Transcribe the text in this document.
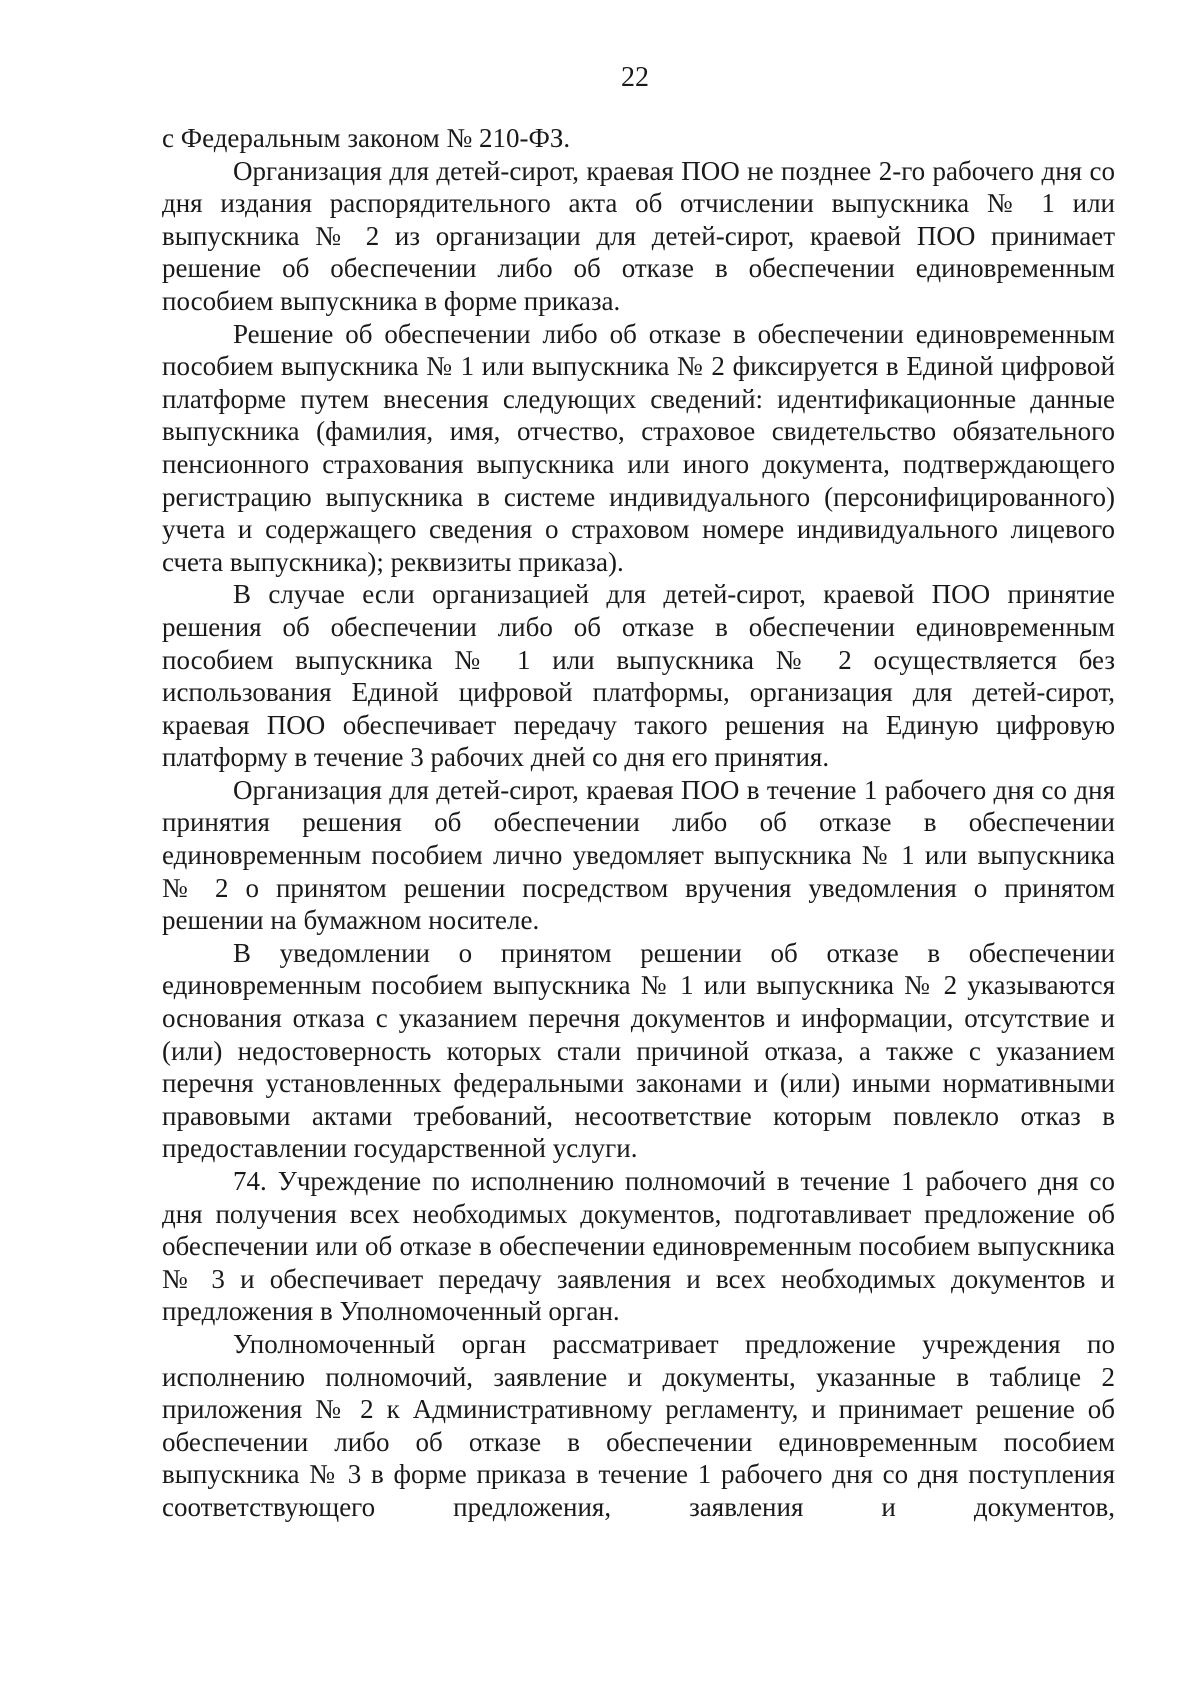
22

с Федеральным законом № 210-ФЗ.

Организация для детей-сирот, краевая ПОО не позднее 2-го рабочего дня со дня издания распорядительного акта об отчислении выпускника № 1 или выпускника № 2 из организации для детей-сирот, краевой ПОО принимает решение об обеспечении либо об отказе в обеспечении единовременным пособием выпускника в форме приказа.

Решение об обеспечении либо об отказе в обеспечении единовременным пособием выпускника № 1 или выпускника № 2 фиксируется в Единой цифровой платформе путем внесения следующих сведений: идентификационные данные выпускника (фамилия, имя, отчество, страховое свидетельство обязательного пенсионного страхования выпускника или иного документа, подтверждающего регистрацию выпускника в системе индивидуального (персонифицированного) учета и содержащего сведения о страховом номере индивидуального лицевого счета выпускника); реквизиты приказа).

В случае если организацией для детей-сирот, краевой ПОО принятие решения об обеспечении либо об отказе в обеспечении единовременным пособием выпускника № 1 или выпускника № 2 осуществляется без использования Единой цифровой платформы, организация для детей-сирот, краевая ПОО обеспечивает передачу такого решения на Единую цифровую платформу в течение 3 рабочих дней со дня его принятия.

Организация для детей-сирот, краевая ПОО в течение 1 рабочего дня со дня принятия решения об обеспечении либо об отказе в обеспечении единовременным пособием лично уведомляет выпускника № 1 или выпускника № 2 о принятом решении посредством вручения уведомления о принятом решении на бумажном носителе.

В уведомлении о принятом решении об отказе в обеспечении единовременным пособием выпускника № 1 или выпускника № 2 указываются основания отказа с указанием перечня документов и информации, отсутствие и (или) недостоверность которых стали причиной отказа, а также с указанием перечня установленных федеральными законами и (или) иными нормативными правовыми актами требований, несоответствие которым повлекло отказ в предоставлении государственной услуги.

74. Учреждение по исполнению полномочий в течение 1 рабочего дня со дня получения всех необходимых документов, подготавливает предложение об обеспечении или об отказе в обеспечении единовременным пособием выпускника № 3 и обеспечивает передачу заявления и всех необходимых документов и предложения в Уполномоченный орган.

Уполномоченный орган рассматривает предложение учреждения по исполнению полномочий, заявление и документы, указанные в таблице 2 приложения № 2 к Административному регламенту, и принимает решение об обеспечении либо об отказе в обеспечении единовременным пособием выпускника № 3 в форме приказа в течение 1 рабочего дня со дня поступления соответствующего предложения, заявления и документов,
